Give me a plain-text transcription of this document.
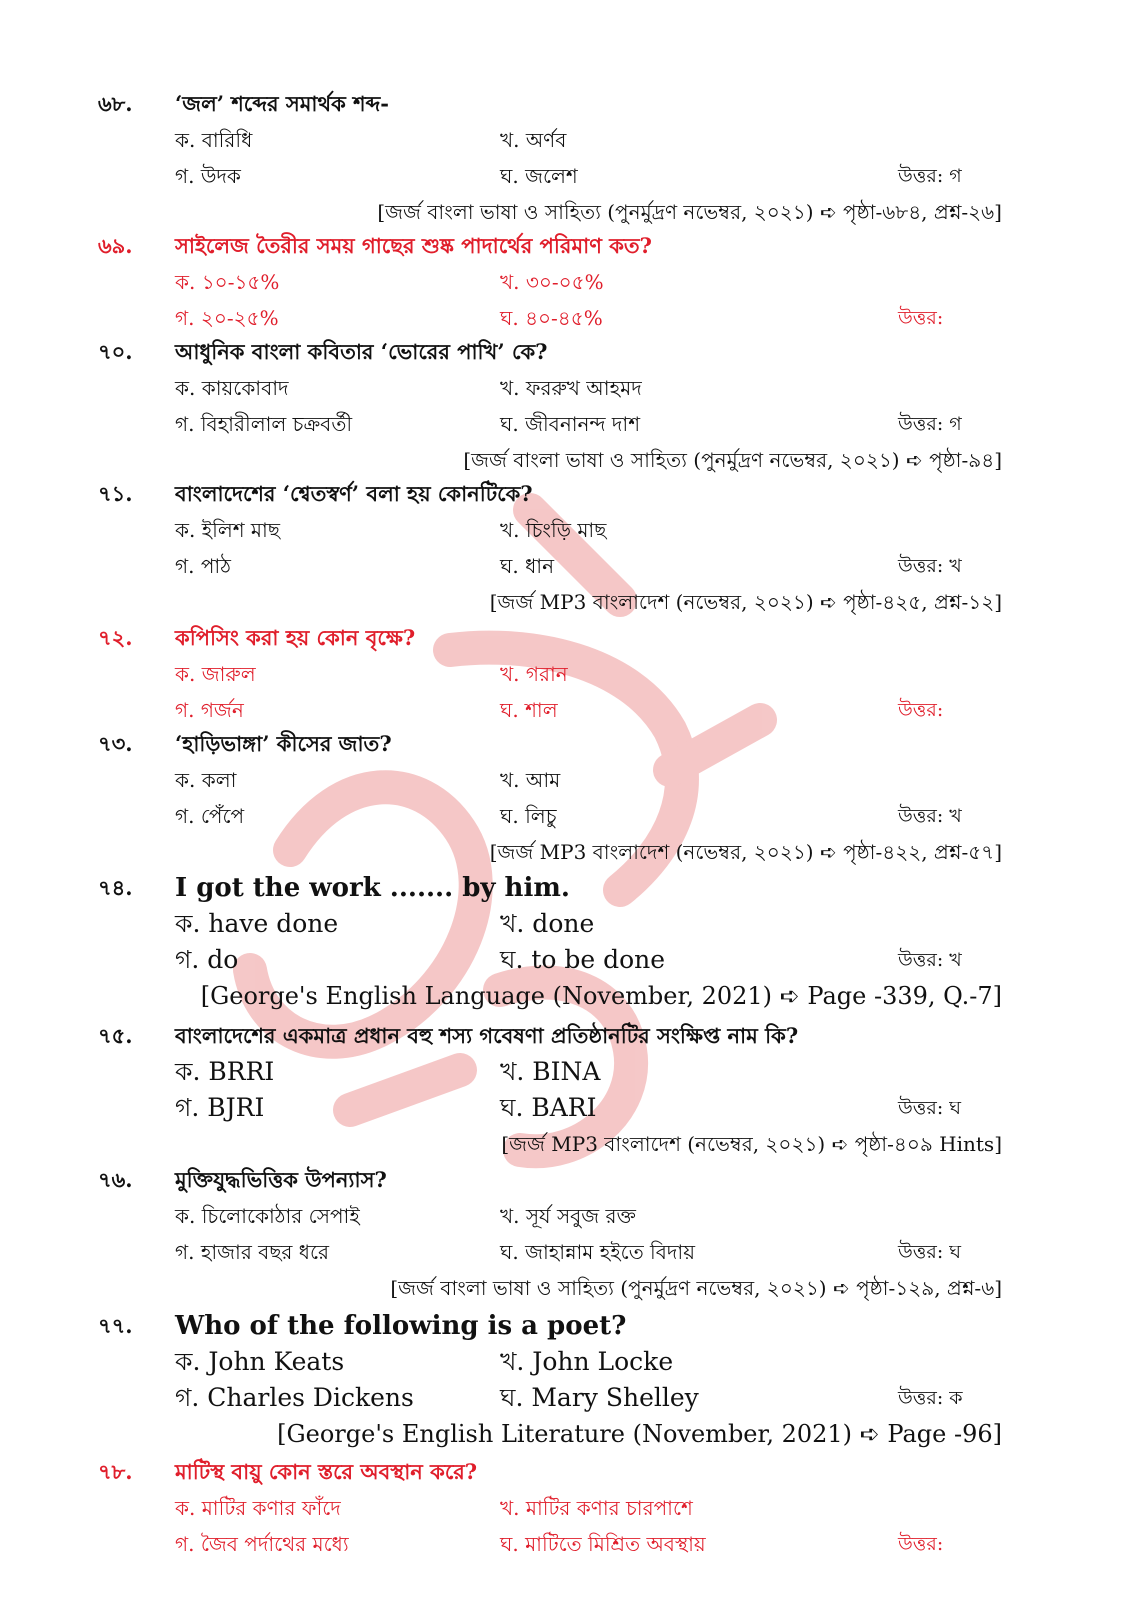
৬৮. ‘জল’ শব্দের সমার্থক শব্দ-
ক. বারিধি	খ. অর্ণব
গ. উদক	ঘ. জলেশ	উত্তর: গ
[জর্জ বাংলা ভাষা ও সাহিত্য (পুনর্মুদ্রণ নভেম্বর, ২০২১) ➪ পৃষ্ঠা-৬৮৪, প্রশ্ন-২৬]
৬৯. সাইলেজ তৈরীর সময় গাছের শুষ্ক পাদার্থের পরিমাণ কত?
ক. ১০-১৫%	খ. ৩০-০৫%
গ. ২০-২৫%	ঘ. ৪০-৪৫%	উত্তর:
৭০. আধুনিক বাংলা কবিতার ‘ভোরের পাখি’ কে?
ক. কায়কোবাদ	খ. ফররুখ আহমদ
গ. বিহারীলাল চক্রবর্তী	ঘ. জীবনানন্দ দাশ	উত্তর: গ
[জর্জ বাংলা ভাষা ও সাহিত্য (পুনর্মুদ্রণ নভেম্বর, ২০২১) ➪ পৃষ্ঠা-৯৪]
৭১. বাংলাদেশের ‘শ্বেতস্বর্ণ’ বলা হয় কোনটিকে?
ক. ইলিশ মাছ	খ. চিংড়ি মাছ
গ. পাঠ	ঘ. ধান	উত্তর: খ
[জর্জ MP3 বাংলাদেশ (নভেম্বর, ২০২১) ➪ পৃষ্ঠা-৪২৫, প্রশ্ন-১২]
৭২. কপিসিং করা হয় কোন বৃক্ষে?
ক. জারুল	খ. গরান
গ. গর্জন	ঘ. শাল	উত্তর:
৭৩. ‘হাড়িভাঙ্গা’ কীসের জাত?
ক. কলা	খ. আম
গ. পেঁপে	ঘ. লিচু	উত্তর: খ
[জর্জ MP3 বাংলাদেশ (নভেম্বর, ২০২১) ➪ পৃষ্ঠা-৪২২, প্রশ্ন-৫৭]
৭৪. I got the work ....... by him.
ক. have done	খ. done
গ. do	ঘ. to be done	উত্তর: খ
[George's English Language (November, 2021) ➪ Page -339, Q.-7]
৭৫. বাংলাদেশের একমাত্র প্রধান বহু শস্য গবেষণা প্রতিষ্ঠানটির সংক্ষিপ্ত নাম কি?
ক. BRRI	খ. BINA
গ. BJRI	ঘ. BARI	উত্তর: ঘ
[জর্জ MP3 বাংলাদেশ (নভেম্বর, ২০২১) ➪ পৃষ্ঠা-৪০৯ Hints]
৭৬. মুক্তিযুদ্ধভিত্তিক উপন্যাস?
ক. চিলোকোঠার সেপাই	খ. সূর্য সবুজ রক্ত
গ. হাজার বছর ধরে	ঘ. জাহান্নাম হইতে বিদায়	উত্তর: ঘ
[জর্জ বাংলা ভাষা ও সাহিত্য (পুনর্মুদ্রণ নভেম্বর, ২০২১) ➪ পৃষ্ঠা-১২৯, প্রশ্ন-৬]
৭৭. Who of the following is a poet?
ক. John Keats	খ. John Locke
গ. Charles Dickens	ঘ. Mary Shelley	উত্তর: ক
[George's English Literature (November, 2021) ➪ Page -96]
৭৮. মাটিস্থ বায়ু কোন স্তরে অবস্থান করে?
ক. মাটির কণার ফাঁদে	খ. মাটির কণার চারপাশে
গ. জৈব পর্দাথের মধ্যে	ঘ. মাটিতে মিশ্রিত অবস্থায়	উত্তর:
